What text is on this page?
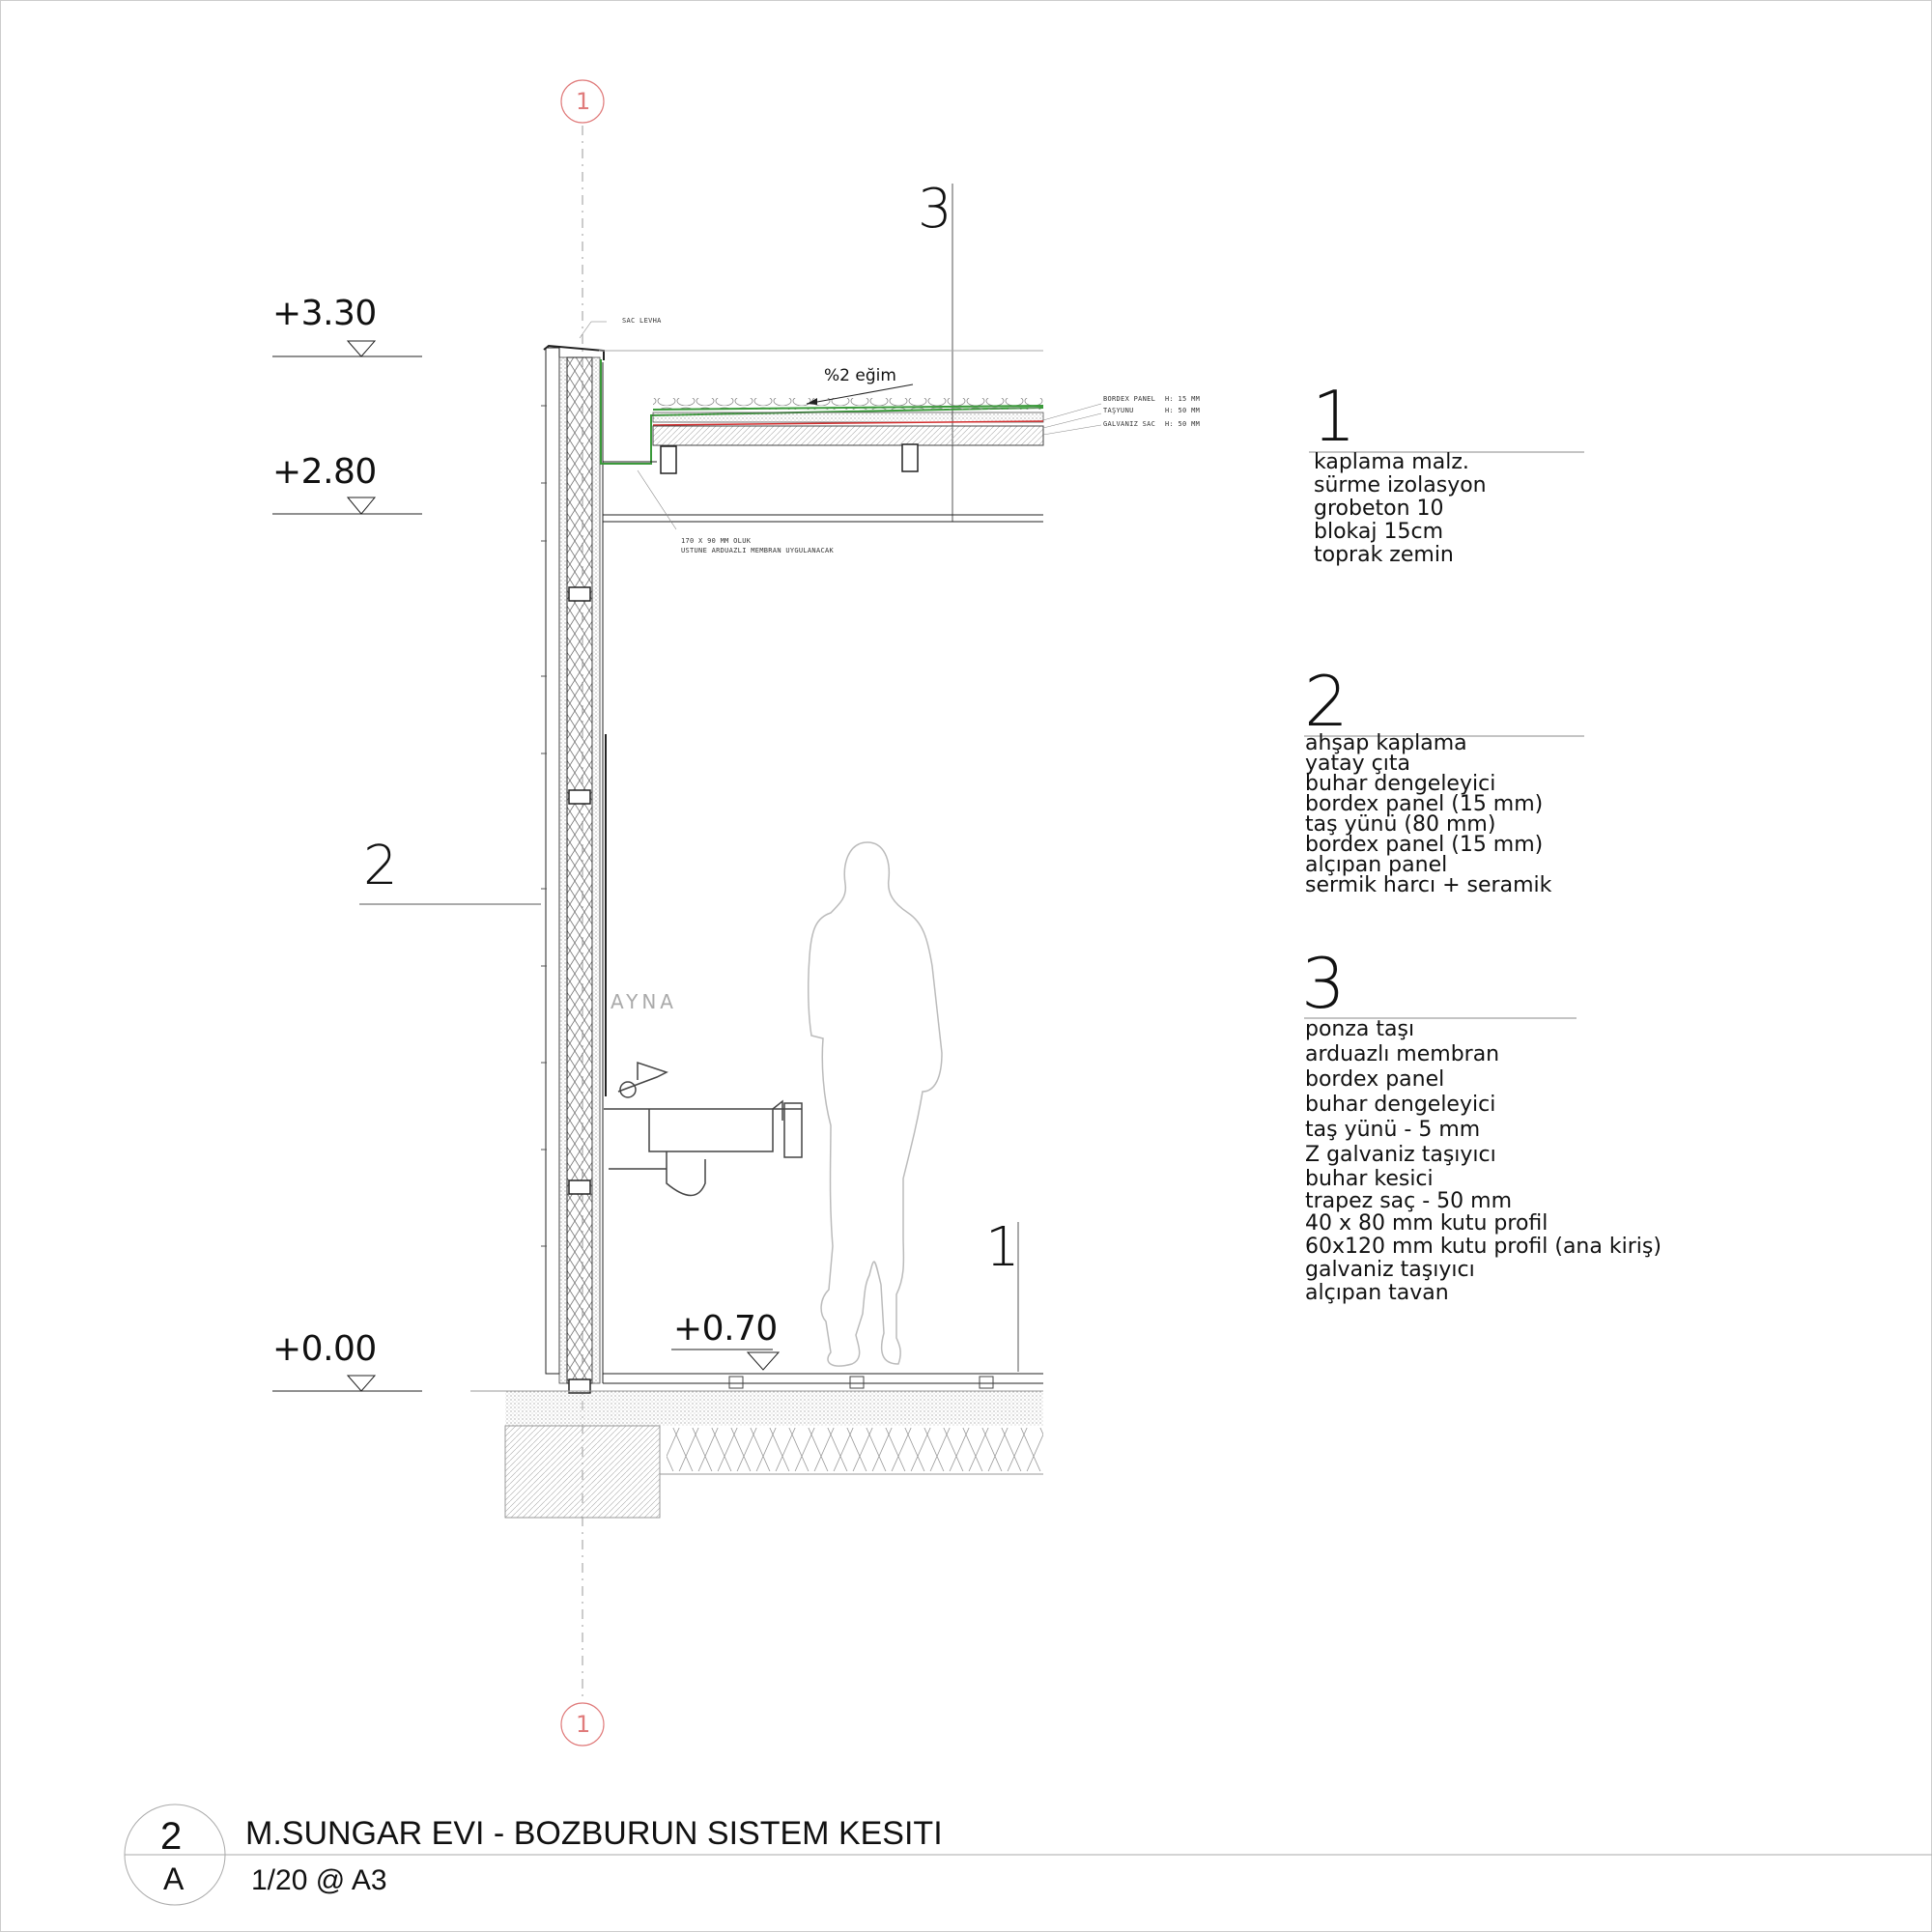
1
1
+3.30
+2.80
+0.00
+0.70
3
2
1
%2 eğim
AYNA
SAC LEVHA
170 X 90 MM OLUK
USTUNE ARDUAZLI MEMBRAN UYGULANACAK
BORDEX PANEL H: 15 MM
TAŞYUNU	H: 50 MM
GALVANIZ SAC H: 50 MM 1
kaplama malz.
sürme izolasyon
grobeton 10
blokaj 15cm
toprak zemin
2
ahşap kaplama
yatay çıta
buhar dengeleyici
bordex panel (15 mm)
taş yünü (80 mm)
bordex panel (15 mm)
alçıpan panel
sermik harcı + seramik
3
ponza taşı
arduazlı membran
bordex panel
buhar dengeleyici
taş yünü - 5 mm
Z galvaniz taşıyıcı
buhar kesici
trapez saç - 50 mm
40 x 80 mm kutu profil
60x120 mm kutu profil (ana kiriş)
galvaniz taşıyıcı
alçıpan tavan
2
A
M.SUNGAR EVI - BOZBURUN SISTEM KESITI
1/20 @ A3
